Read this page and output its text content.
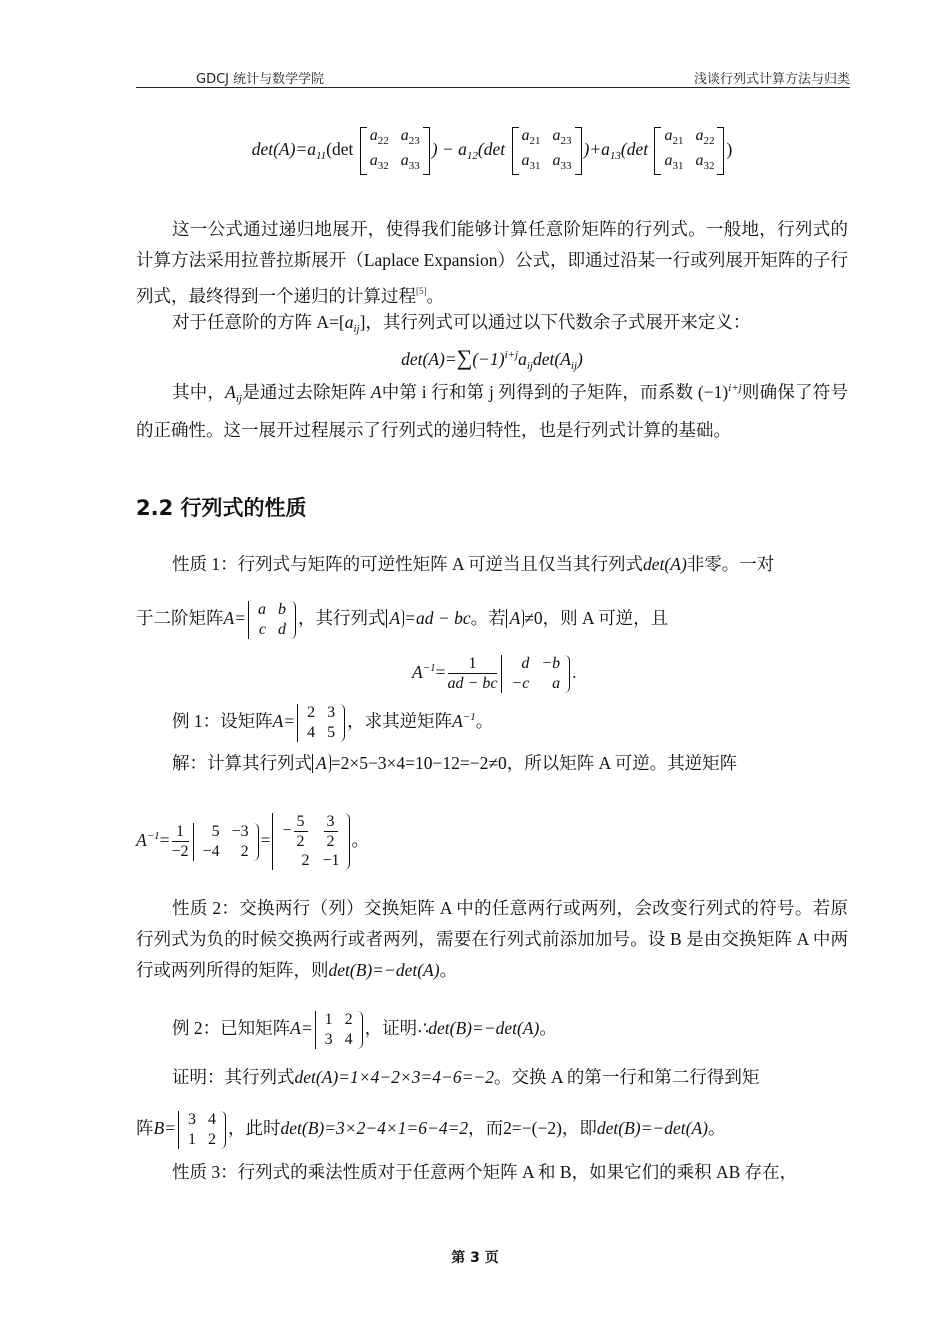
GDCJ 统计与数学学院	浅谈行列式计算方法与归类
$\det(A)=a_{11}(\det$
$a_{22}$	$a_{23}$
$a_{32}$	$a_{33}$
) − $a_{12}(\det$
$a_{21}$	$a_{23}$
$a_{31}$	$a_{33}$
)$+a_{13}(\det$
$a_{21}$	$a_{22}$
$a_{31}$	$a_{32}$
)
这一公式通过递归地展开，使得我们能够计算任意阶矩阵的行列式。一般地，行列式的计算方法采用拉普拉斯展开（Laplace Expansion）公式，即通过沿某一行或列展开矩阵的子行列式，最终得到一个递归的计算过程[5]。
对于任意阶的方阵 $A=[a_{ij}]$，其行列式可以通过以下代数余子式展开来定义：
$\det(A)=\sum(-1)^{i+j}a_{ij}\det(A_{ij})$
其中，$A_{ij}$是通过去除矩阵 A中第 i 行和第 j 列得到的子矩阵，而系数 $(-1)^{i+j}$则确保了符号的正确性。这一展开过程展示了行列式的递归特性，也是行列式计算的基础。
2.2 行列式的性质
性质 1：行列式与矩阵的可逆性矩阵 A 可逆当且仅当其行列式det(A)非零。一对
于二阶矩阵A= a	b
c	d
，其行列式 A =ad − bc。若 A ≠0，则 A 可逆，且
$A^{-1}= \frac{1}{ad - bc}$ d	−b
−c	a
.
例 1：设矩阵A= 2	3
4	5
，求其逆矩阵$A^{-1}$。
解：计算其行列式 A =2×5−3×4=10−12=−2≠0，所以矩阵 A 可逆。其逆矩阵
$A^{-1}= \frac{1}{-2} 5$	−3
−4	2
= − $\frac{5}{2}$	$\frac{3}{2}$

2	−1
。
性质 2：交换两行（列）交换矩阵 A 中的任意两行或两列，会改变行列式的符号。若原行列式为负的时候交换两行或者两列，需要在行列式前添加加号。设 B 是由交换矩阵 A 中两行或两列所得的矩阵，则det(B)=−det(A)。
例 2：已知矩阵A= 1	2
3	4
，证明∴det(B)=−det(A)。
证明：其行列式det(A)=1×4−2×3=4−6=−2。交换 A 的第一行和第二行得到矩
阵B= 3	4
1	2
，此时det(B)=3×2−4×1=6−4=2，而2=−(−2)，即det(B)=−det(A)。
性质 3：行列式的乘法性质对于任意两个矩阵 A 和 B，如果它们的乘积 AB 存在，
第 3 页
